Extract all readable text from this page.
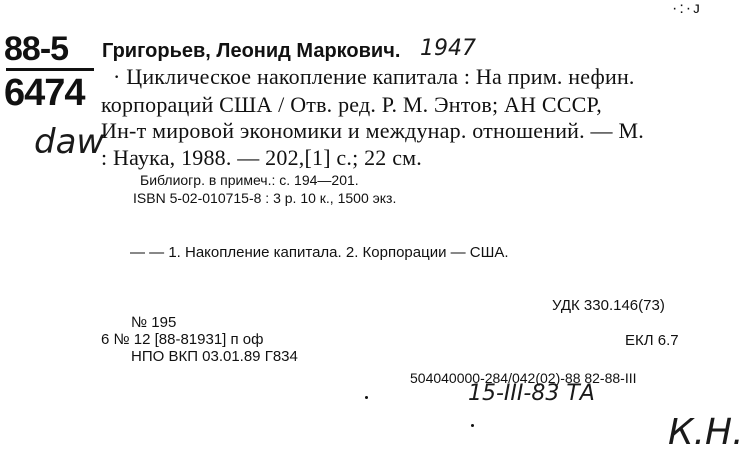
·:·ᴊ
88-5
6474
daw
Григорьев, Леонид Маркович. 1947
· Циклическое накопление капитала : На прим. нефин.
корпораций США / Отв. ред. Р. М. Энтов; АН СССР,
Ин-т мировой экономики и междунар. отношений. — М.
: Наука, 1988. — 202,[1] с.; 22 см.
Библиогр. в примеч.: с. 194—201.
ISBN 5-02-010715-8 : 3 р. 10 к., 1500 экз.
— — 1. Накопление капитала. 2. Корпорации — США.
УДК 330.146(73)
№ 195
6 № 12 [88-81931] п оф	ЕКЛ 6.7
НПО ВКП 03.01.89 Г834
504040000-284/042(02)-88 82-88-III
15-III-83 ТА
К.Н.
